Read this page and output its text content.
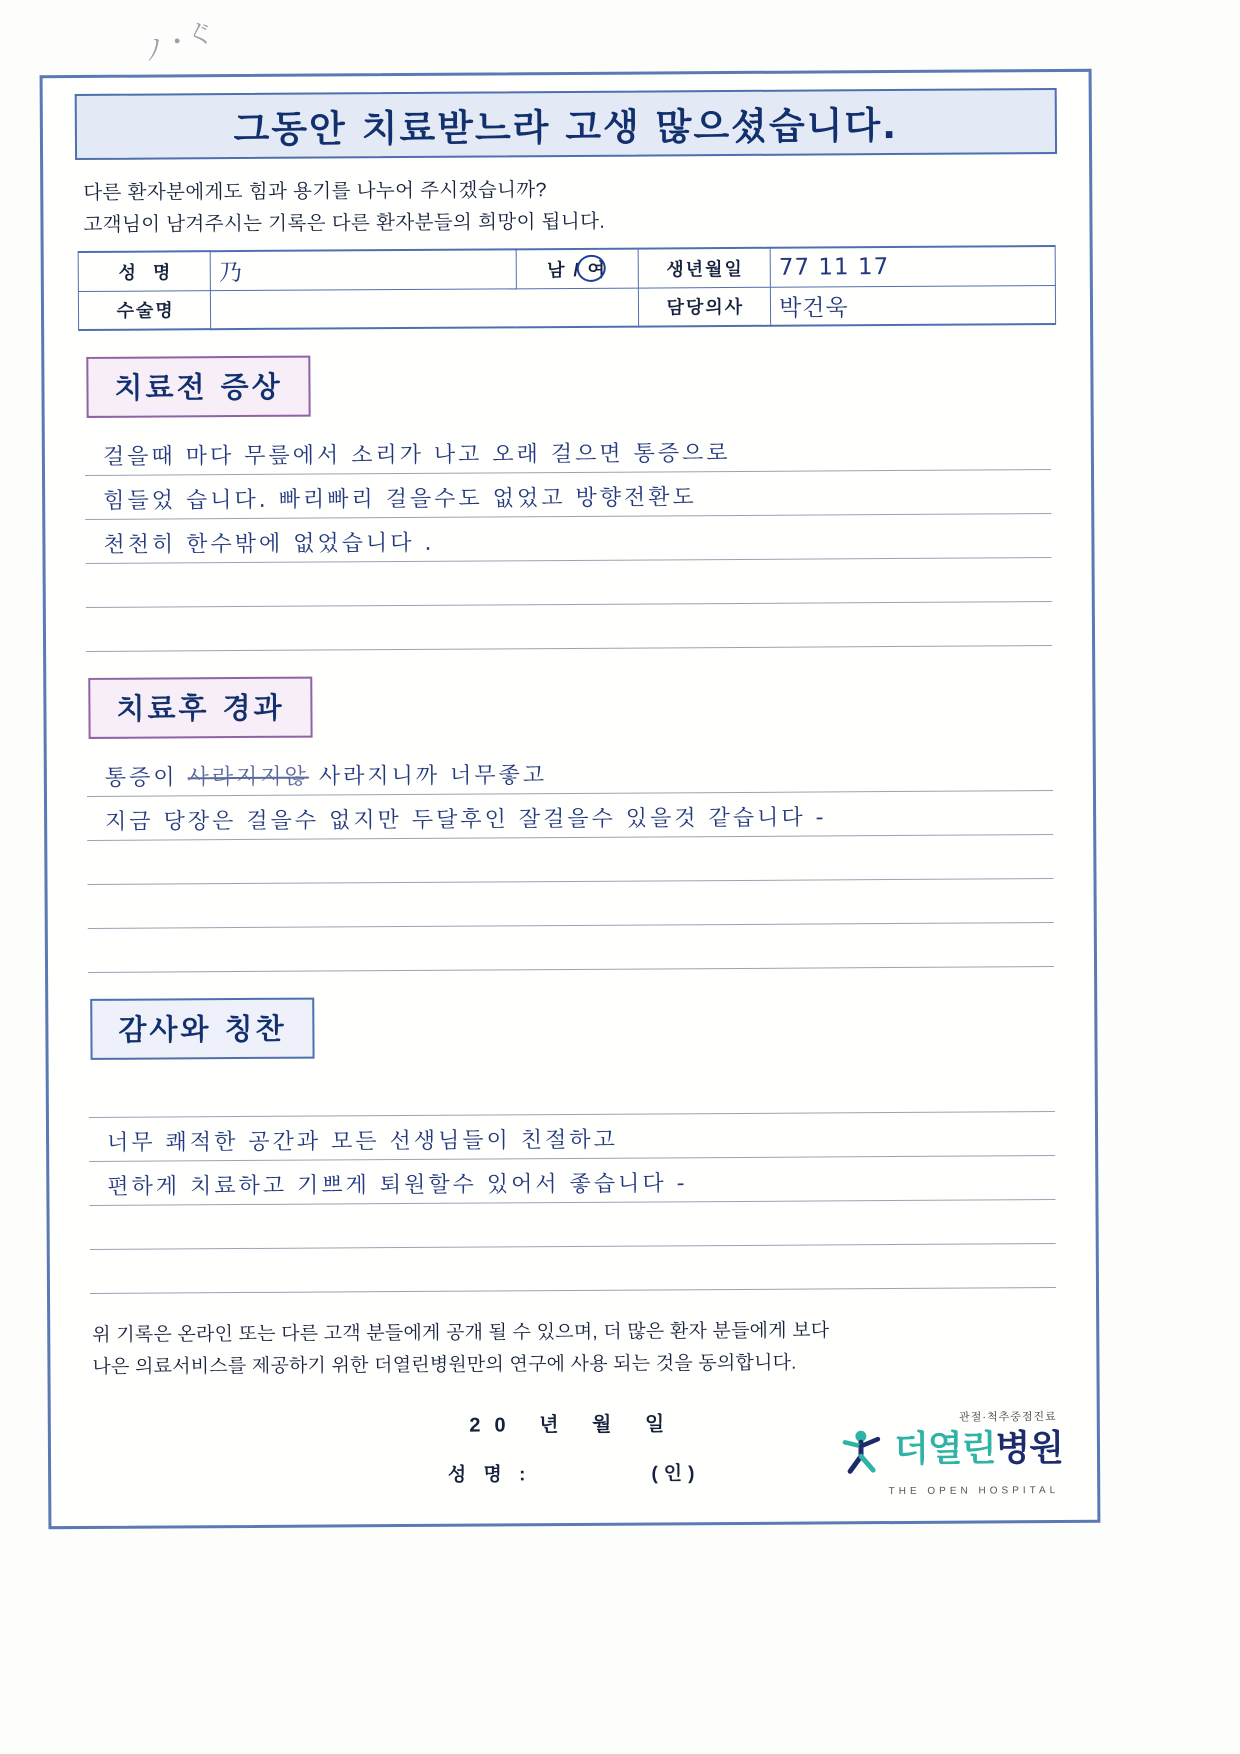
ノ・ぐ
그동안 치료받느라 고생 많으셨습니다.
다른 환자분에게도 힘과 용기를 나누어 주시겠습니까?
고객님이 남겨주시는 기록은 다른 환자분들의 희망이 됩니다.
성 명	乃	남 / 여	생년월일	77 11 17
수술명			담당의사	박건욱
치료전 증상
걸을때 마다 무릎에서 소리가 나고 오래 걸으면 통증으로
힘들었 습니다. 빠리빠리 걸을수도 없었고 방향전환도
천천히 한수밖에 없었습니다 .
치료후 경과
통증이 사라지지않 사라지니까 너무좋고
지금 당장은 걸을수 없지만 두달후인 잘걸을수 있을것 같습니다 -
감사와 칭찬
너무 쾌적한 공간과 모든 선생님들이 친절하고
편하게 치료하고 기쁘게 퇴원할수 있어서 좋습니다 -
위 기록은 온라인 또는 다른 고객 분들에게 공개 될 수 있으며, 더 많은 환자 분들에게 보다
나은 의료서비스를 제공하기 위한 더열린병원만의 연구에 사용 되는 것을 동의합니다.
20 년 월 일
성 명 :	(인)
관절·척추중점진료
더열린병원
THE OPEN HOSPITAL
